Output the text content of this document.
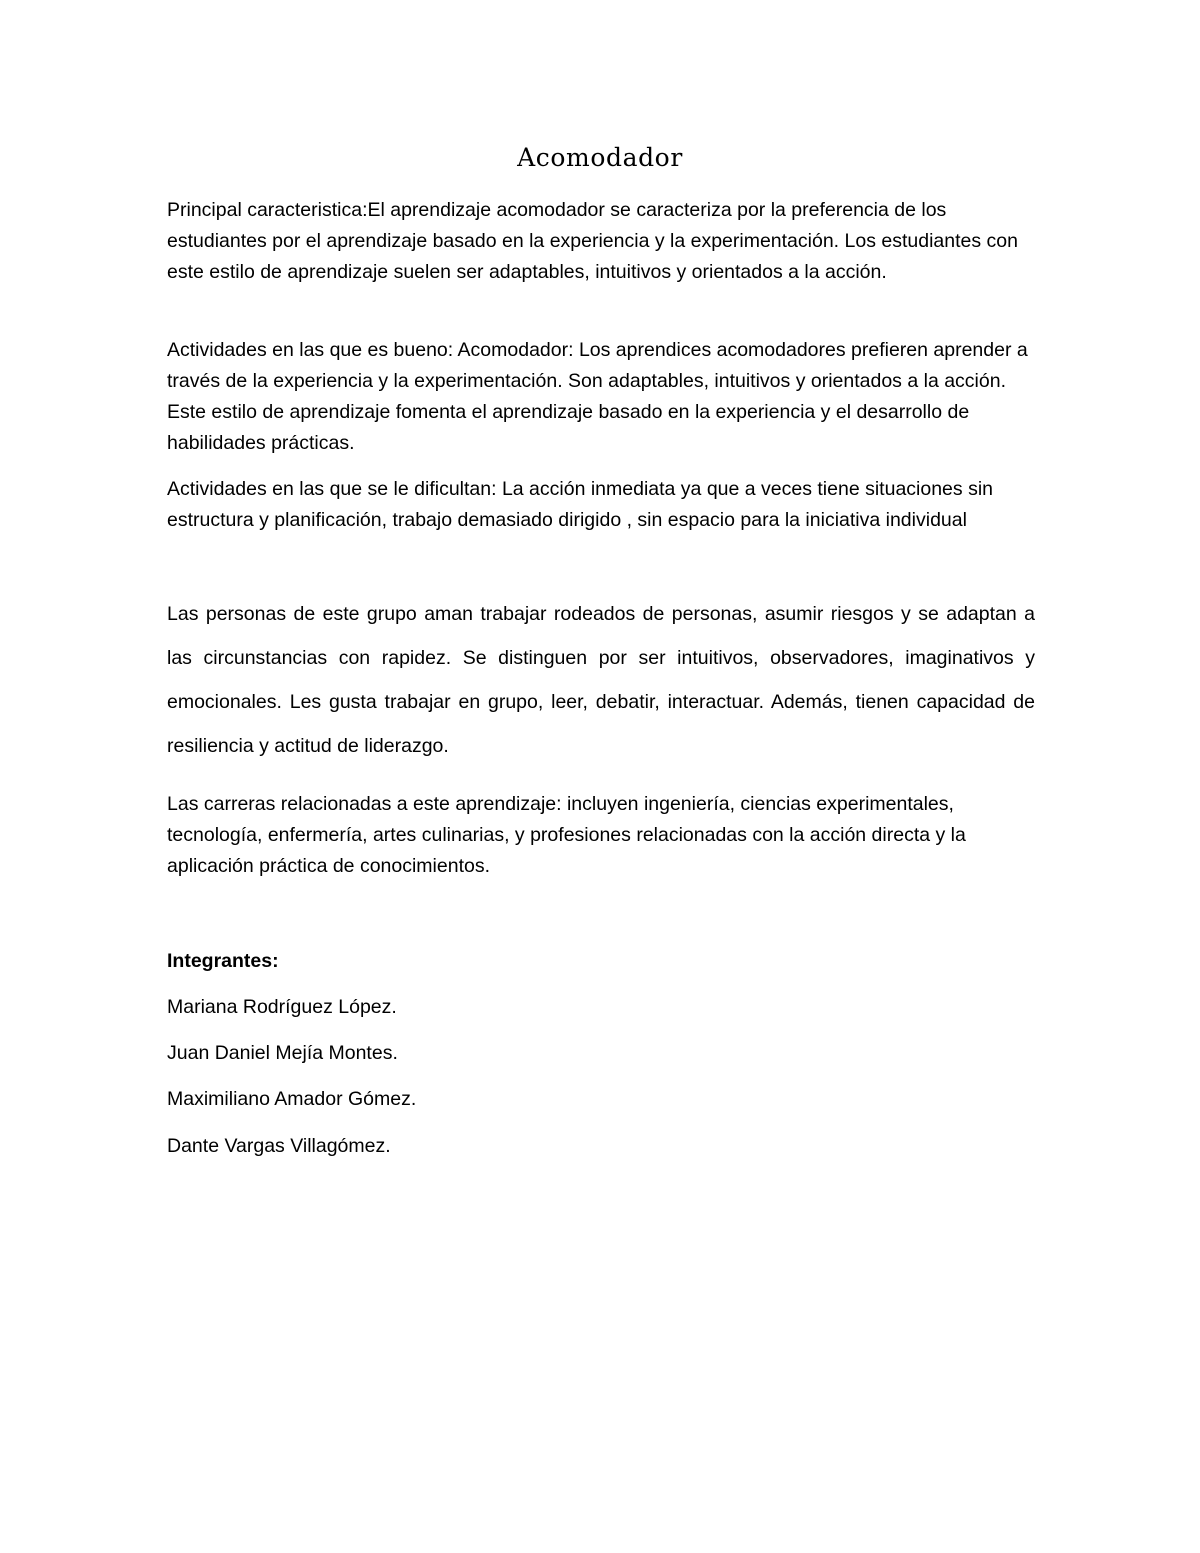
Acomodador

Principal caracteristica:El aprendizaje acomodador se caracteriza por la preferencia de los estudiantes por el aprendizaje basado en la experiencia y la experimentación. Los estudiantes con este estilo de aprendizaje suelen ser adaptables, intuitivos y orientados a la acción.

Actividades en las que es bueno: Acomodador: Los aprendices acomodadores prefieren aprender a través de la experiencia y la experimentación. Son adaptables, intuitivos y orientados a la acción. Este estilo de aprendizaje fomenta el aprendizaje basado en la experiencia y el desarrollo de habilidades prácticas.

Actividades en las que se le dificultan: La acción inmediata ya que a veces tiene situaciones sin estructura y planificación, trabajo demasiado dirigido , sin espacio para la iniciativa individual

Las personas de este grupo aman trabajar rodeados de personas, asumir riesgos y se adaptan a las circunstancias con rapidez. Se distinguen por ser intuitivos, observadores, imaginativos y emocionales. Les gusta trabajar en grupo, leer, debatir, interactuar. Además, tienen capacidad de resiliencia y actitud de liderazgo.

Las carreras relacionadas a este aprendizaje: incluyen ingeniería, ciencias experimentales, tecnología, enfermería, artes culinarias, y profesiones relacionadas con la acción directa y la aplicación práctica de conocimientos.

Integrantes:

Mariana Rodríguez López.

Juan Daniel Mejía Montes.

Maximiliano Amador Gómez.

Dante Vargas Villagómez.
